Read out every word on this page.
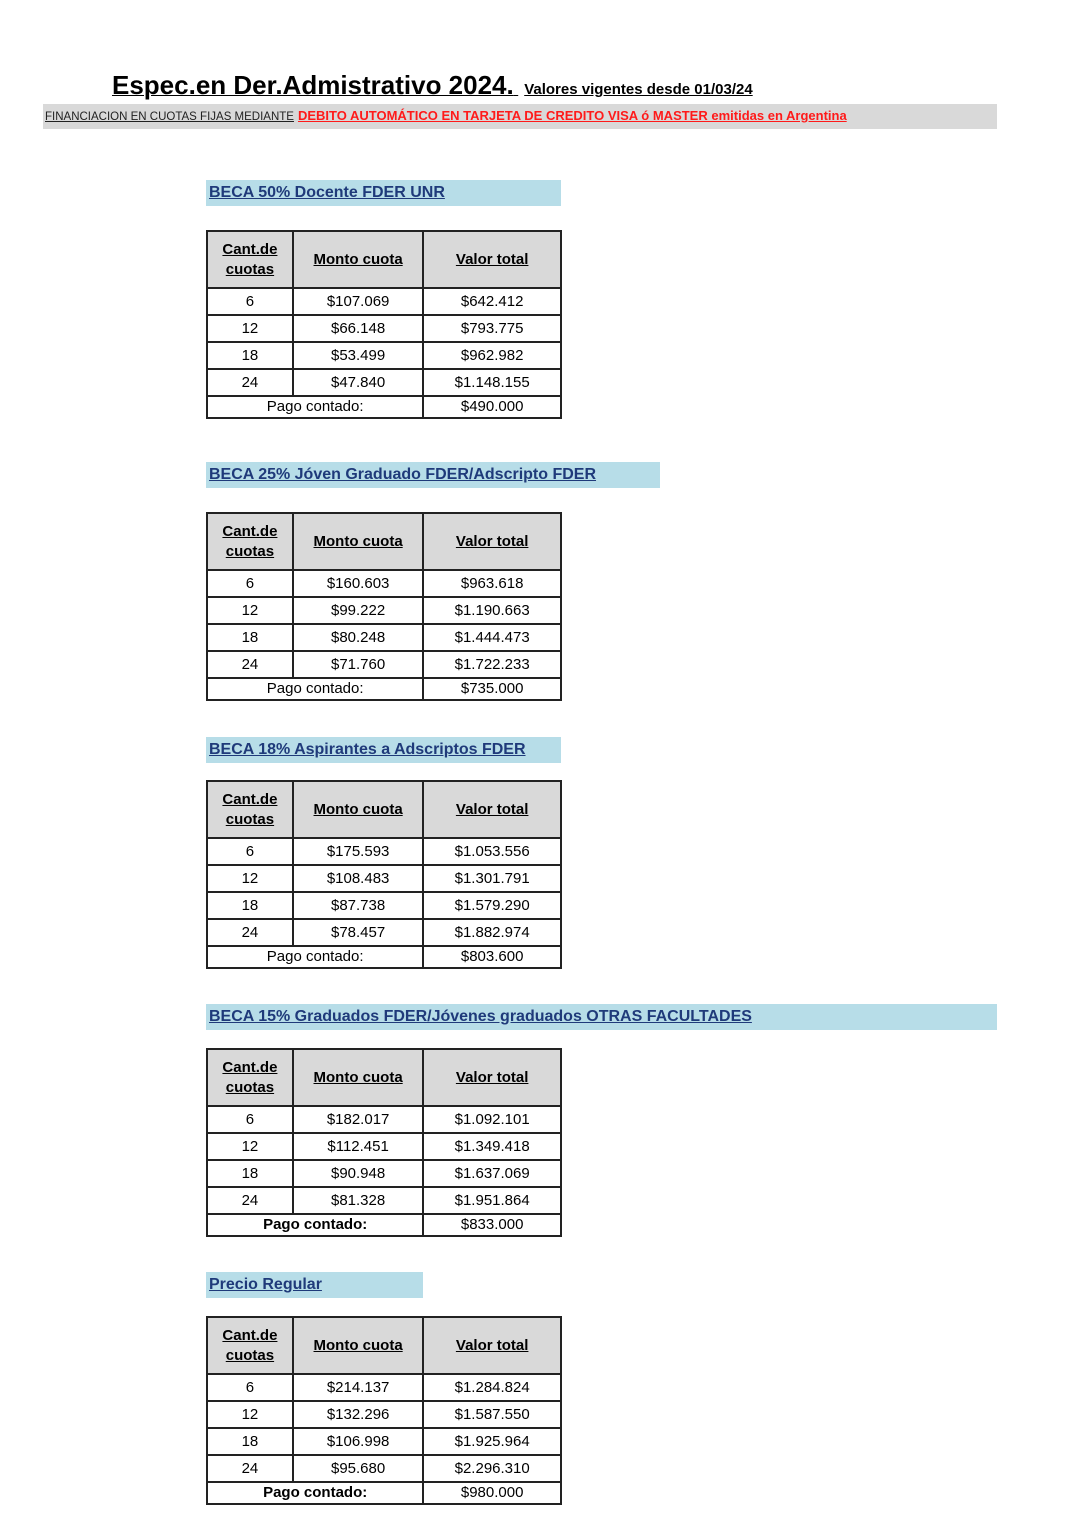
Espec.en Der.Admistrativo 2024. Valores vigentes desde 01/03/24
FINANCIACION EN CUOTAS FIJAS MEDIANTE DEBITO AUTOMÁTICO EN TARJETA DE CREDITO VISA ó MASTER emitidas en Argentina
BECA 50% Docente FDER UNR
Cant.de
cuotas	Monto cuota	Valor total
6	$107.069	$642.412
12	$66.148	$793.775
18	$53.499	$962.982
24	$47.840	$1.148.155
Pago contado:		$490.000
BECA 25% Jóven Graduado FDER/Adscripto FDER
Cant.de
cuotas	Monto cuota	Valor total
6	$160.603	$963.618
12	$99.222	$1.190.663
18	$80.248	$1.444.473
24	$71.760	$1.722.233
Pago contado:		$735.000
BECA 18% Aspirantes a Adscriptos FDER
Cant.de
cuotas	Monto cuota	Valor total
6	$175.593	$1.053.556
12	$108.483	$1.301.791
18	$87.738	$1.579.290
24	$78.457	$1.882.974
Pago contado:		$803.600
BECA 15% Graduados FDER/Jóvenes graduados OTRAS FACULTADES
Cant.de
cuotas	Monto cuota	Valor total
6	$182.017	$1.092.101
12	$112.451	$1.349.418
18	$90.948	$1.637.069
24	$81.328	$1.951.864
Pago contado:		$833.000
Precio Regular
Cant.de
cuotas	Monto cuota	Valor total
6	$214.137	$1.284.824
12	$132.296	$1.587.550
18	$106.998	$1.925.964
24	$95.680	$2.296.310
Pago contado:		$980.000
